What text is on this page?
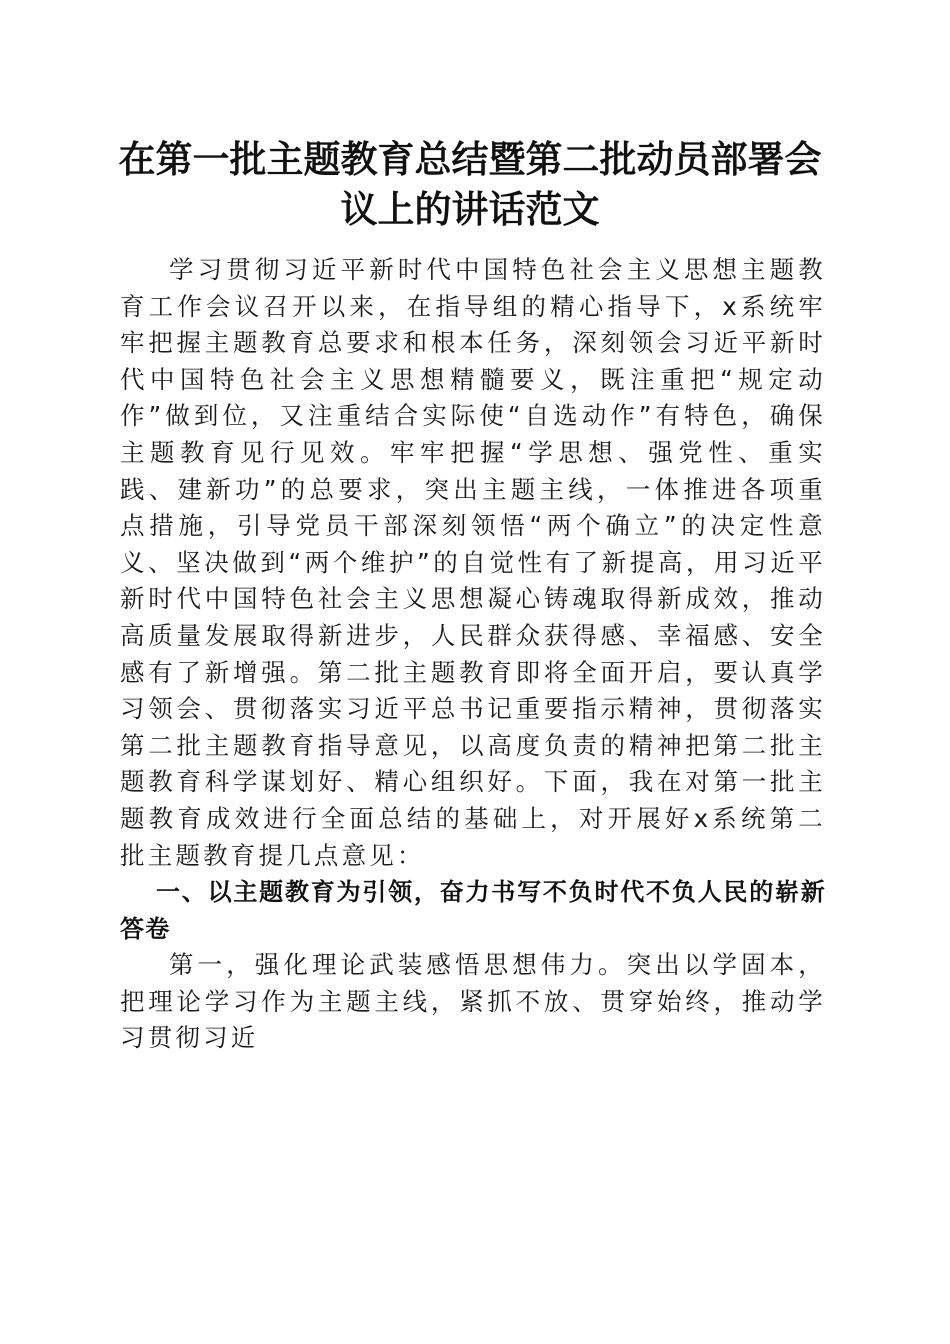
在第一批主题教育总结暨第二批动员部署会议上的讲话范文

学习贯彻习近平新时代中国特色社会主义思想主题教育工作会议召开以来，在指导组的精心指导下，x系统牢牢把握主题教育总要求和根本任务，深刻领会习近平新时代中国特色社会主义思想精髓要义，既注重把“规定动作”做到位，又注重结合实际使“自选动作”有特色，确保主题教育见行见效。牢牢把握“学思想、强党性、重实践、建新功”的总要求，突出主题主线，一体推进各项重点措施，引导党员干部深刻领悟“两个确立”的决定性意义、坚决做到“两个维护”的自觉性有了新提高，用习近平新时代中国特色社会主义思想凝心铸魂取得新成效，推动高质量发展取得新进步，人民群众获得感、幸福感、安全感有了新增强。第二批主题教育即将全面开启，要认真学习领会、贯彻落实习近平总书记重要指示精神，贯彻落实第二批主题教育指导意见，以高度负责的精神把第二批主题教育科学谋划好、精心组织好。下面，我在对第一批主题教育成效进行全面总结的基础上，对开展好x系统第二批主题教育提几点意见：

一、以主题教育为引领，奋力书写不负时代不负人民的崭新答卷

第一，强化理论武装感悟思想伟力。突出以学固本，把理论学习作为主题主线，紧抓不放、贯穿始终，推动学习贯彻习近
